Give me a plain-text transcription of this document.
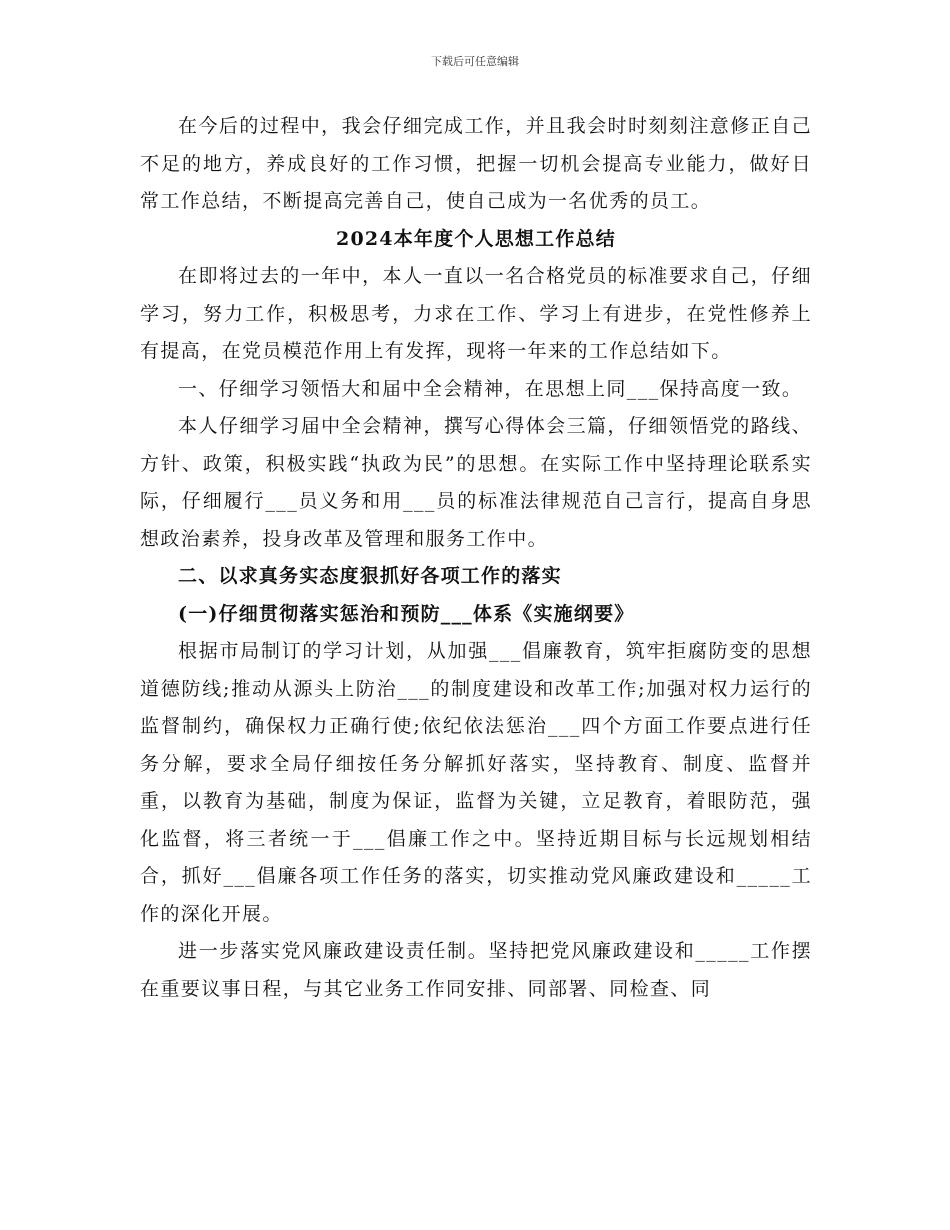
下载后可任意编辑

在今后的过程中，我会仔细完成工作，并且我会时时刻刻注意修正自己不足的地方，养成良好的工作习惯，把握一切机会提高专业能力，做好日常工作总结，不断提高完善自己，使自己成为一名优秀的员工。

2024本年度个人思想工作总结

在即将过去的一年中，本人一直以一名合格党员的标准要求自己，仔细学习，努力工作，积极思考，力求在工作、学习上有进步，在党性修养上有提高，在党员模范作用上有发挥，现将一年来的工作总结如下。

一、仔细学习领悟大和届中全会精神，在思想上同___保持高度一致。

本人仔细学习届中全会精神，撰写心得体会三篇，仔细领悟党的路线、方针、政策，积极实践“执政为民”的思想。在实际工作中坚持理论联系实际，仔细履行___员义务和用___员的标准法律规范自己言行，提高自身思想政治素养，投身改革及管理和服务工作中。

二、以求真务实态度狠抓好各项工作的落实

(一)仔细贯彻落实惩治和预防___体系《实施纲要》

根据市局制订的学习计划，从加强___倡廉教育，筑牢拒腐防变的思想道德防线;推动从源头上防治___的制度建设和改革工作;加强对权力运行的监督制约，确保权力正确行使;依纪依法惩治___四个方面工作要点进行任务分解，要求全局仔细按任务分解抓好落实，坚持教育、制度、监督并重，以教育为基础，制度为保证，监督为关键，立足教育，着眼防范，强化监督，将三者统一于___倡廉工作之中。坚持近期目标与长远规划相结合，抓好___倡廉各项工作任务的落实，切实推动党风廉政建设和_____工作的深化开展。

进一步落实党风廉政建设责任制。坚持把党风廉政建设和_____工作摆在重要议事日程，与其它业务工作同安排、同部署、同检查、同
